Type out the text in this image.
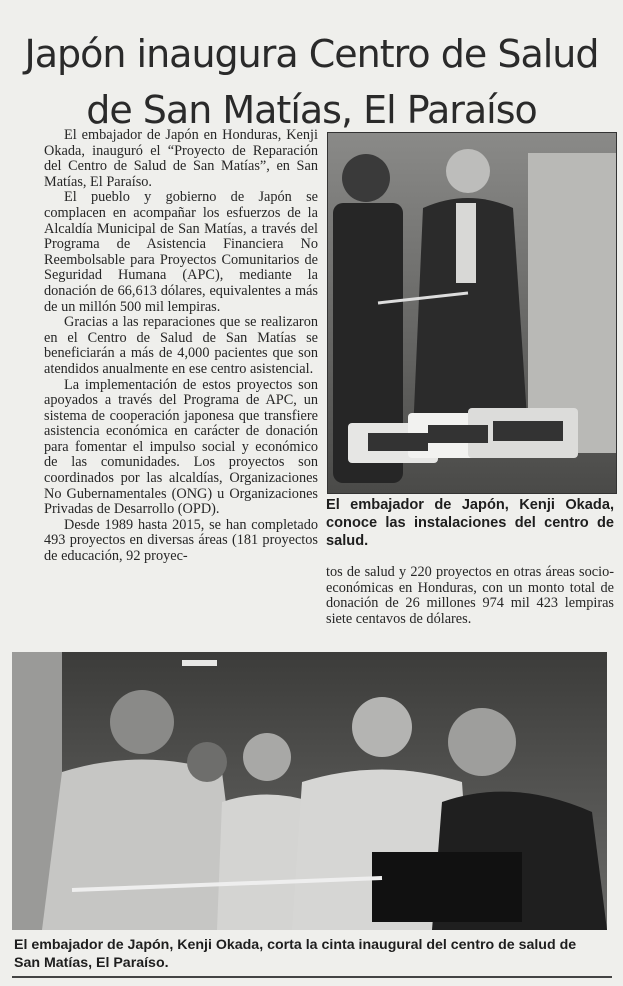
Japón inaugura Centro de Salud de San Matías, El Paraíso

El embajador de Japón en Honduras, Kenji Okada, inauguró el “Proyecto de Reparación del Centro de Salud de San Matías”, en San Matías, El Paraíso.

El pueblo y gobierno de Japón se complacen en acompañar los esfuerzos de la Alcaldía Municipal de San Matías, a través del Programa de Asistencia Financiera No Reembolsable para Proyectos Comunitarios de Seguridad Humana (APC), mediante la donación de 66,613 dólares, equivalentes a más de un millón 500 mil lempiras.

Gracias a las reparaciones que se realizaron en el Centro de Salud de San Matías se beneficiarán a más de 4,000 pacientes que son atendidos anualmente en ese centro asistencial.

La implementación de estos proyectos son apoyados a través del Programa de APC, un sistema de cooperación japonesa que transfiere asistencia económica en carácter de donación para fomentar el impulso social y económico de las comunidades. Los proyectos son coordinados por las alcaldías, Organizaciones No Gubernamentales (ONG) u Organizaciones Privadas de Desarrollo (OPD).

Desde 1989 hasta 2015, se han completado 493 proyectos en diversas áreas (181 proyectos de educación, 92 proyec-

El embajador de Japón, Kenji Okada, conoce las instalaciones del centro de salud.

tos de salud y 220 proyectos en otras áreas socio-económicas en Honduras, con un monto total de donación de 26 millones 974 mil 423 lempiras siete centavos de dólares.

El embajador de Japón, Kenji Okada, corta la cinta inaugural del centro de salud de San Matías, El Paraíso.
